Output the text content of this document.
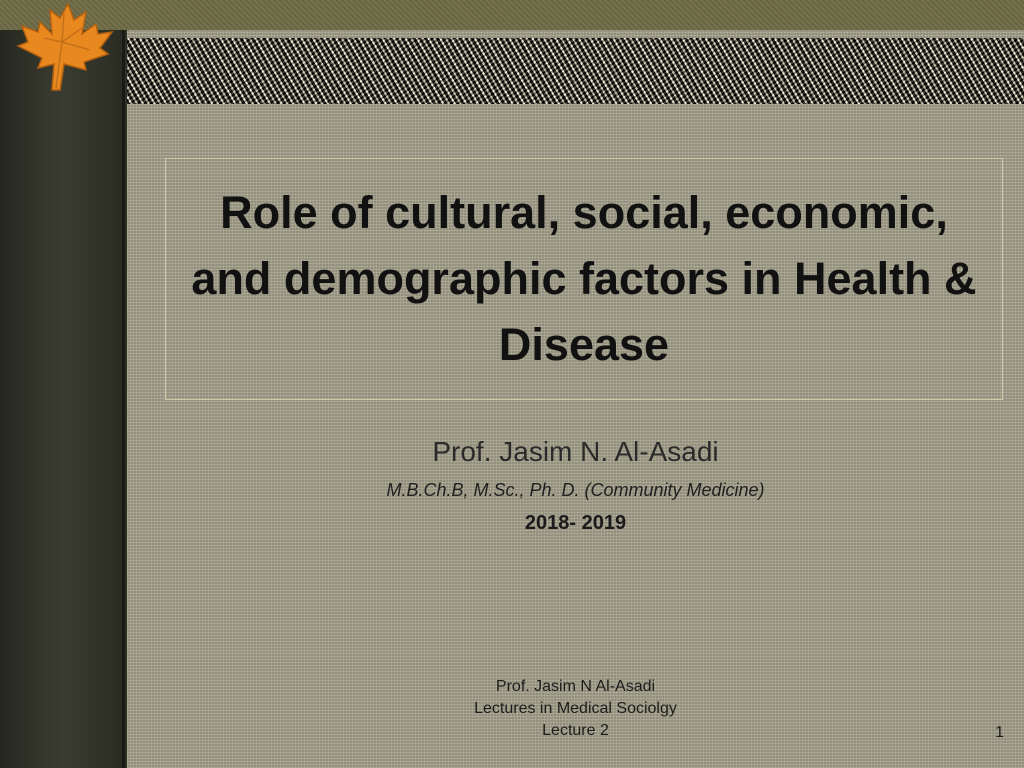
Role of cultural, social, economic, and demographic factors in Health & Disease

Prof. Jasim N. Al-Asadi

M.B.Ch.B, M.Sc., Ph. D. (Community Medicine)

2018- 2019

Prof. Jasim N Al-Asadi
Lectures in Medical Sociolgy
Lecture 2	1
